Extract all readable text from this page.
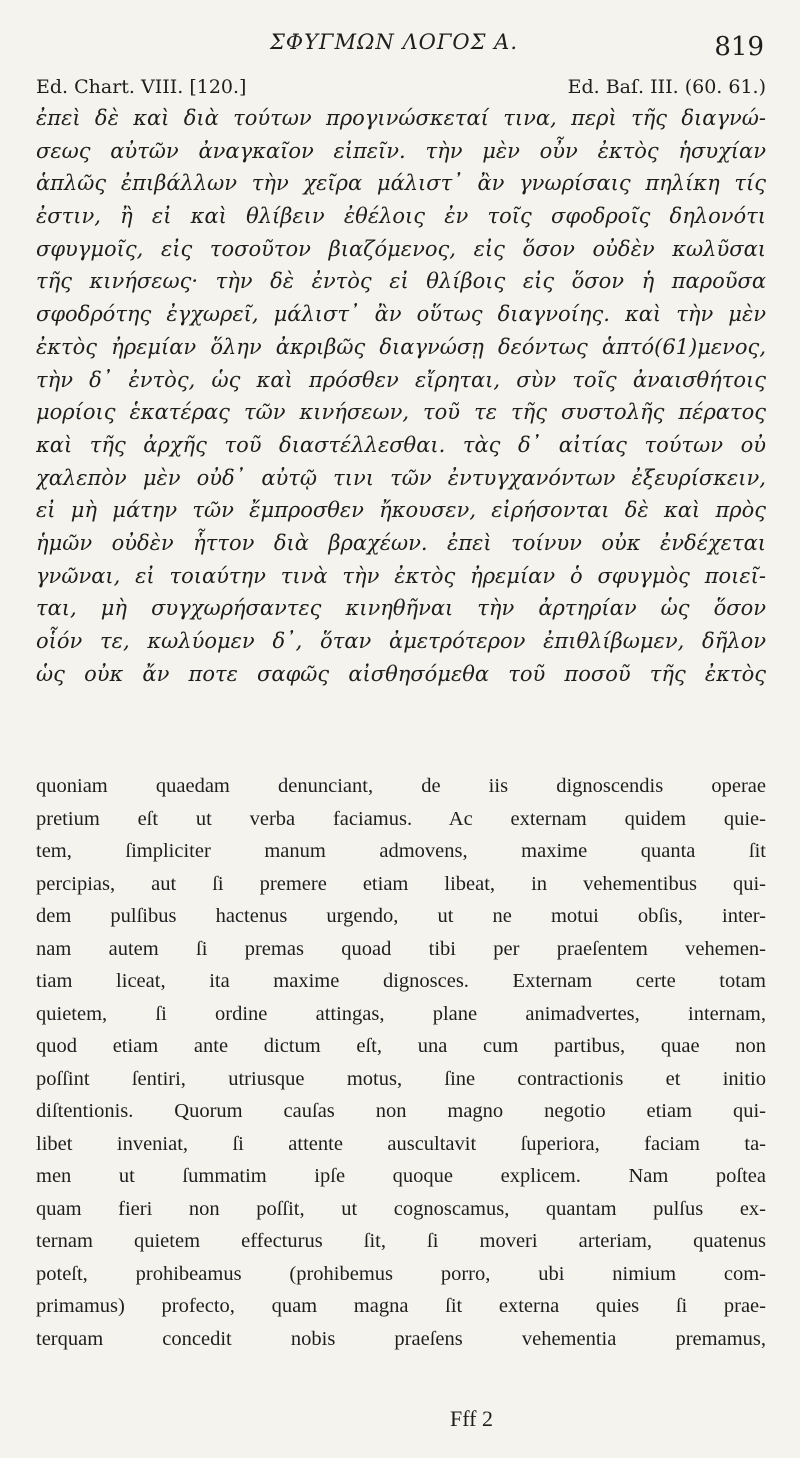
ΣΦΥΓΜΩΝ ΛΟΓΟΣ Α.	819
Ed. Chart. VIII. [120.]	Ed. Baſ. III. (60. 61.)
ἐπεὶ δὲ καὶ διὰ τούτων προγινώσκεταί τινα, περὶ τῆς διαγνώ-
σεως αὐτῶν ἀναγκαῖον εἰπεῖν. τὴν μὲν οὖν ἐκτὸς ἡσυχίαν
ἁπλῶς ἐπιβάλλων τὴν χεῖρα μάλιστ᾽ ἂν γνωρίσαις πηλίκη τίς
ἐστιν, ἢ εἰ καὶ θλίβειν ἐθέλοις ἐν τοῖς σφοδροῖς δηλονότι
σφυγμοῖς, εἰς τοσοῦτον βιαζόμενος, εἰς ὅσον οὐδὲν κωλῦσαι
τῆς κινήσεως· τὴν δὲ ἐντὸς εἰ θλίβοις εἰς ὅσον ἡ παροῦσα
σφοδρότης ἐγχωρεῖ, μάλιστ᾽ ἂν οὕτως διαγνοίης. καὶ τὴν μὲν
ἐκτὸς ἠρεμίαν ὅλην ἀκριβῶς διαγνώσῃ δεόντως ἁπτό(61)μενος,
τὴν δ᾽ ἐντὸς, ὡς καὶ πρόσθεν εἴρηται, σὺν τοῖς ἀναισθήτοις
μορίοις ἑκατέρας τῶν κινήσεων, τοῦ τε τῆς συστολῆς πέρατος
καὶ τῆς ἀρχῆς τοῦ διαστέλλεσθαι. τὰς δ᾽ αἰτίας τούτων οὐ
χαλεπὸν μὲν οὐδ᾽ αὐτῷ τινι τῶν ἐντυγχανόντων ἐξευρίσκειν,
εἰ μὴ μάτην τῶν ἔμπροσθεν ἤκουσεν, εἰρήσονται δὲ καὶ πρὸς
ἡμῶν οὐδὲν ἧττον διὰ βραχέων. ἐπεὶ τοίνυν οὐκ ἐνδέχεται
γνῶναι, εἰ τοιαύτην τινὰ τὴν ἐκτὸς ἠρεμίαν ὁ σφυγμὸς ποιεῖ-
ται, μὴ συγχωρήσαντες κινηθῆναι τὴν ἀρτηρίαν ὡς ὅσον
οἷόν τε, κωλύομεν δ᾽, ὅταν ἀμετρότερον ἐπιθλίβωμεν, δῆλον
ὡς οὐκ ἄν ποτε σαφῶς αἰσθησόμεθα τοῦ ποσοῦ τῆς ἐκτὸς
quoniam quaedam denunciant, de iis dignoscendis operae
pretium eſt ut verba faciamus. Ac externam quidem quie-
tem, ſimpliciter manum admovens, maxime quanta ſit
percipias, aut ſi premere etiam libeat, in vehementibus qui-
dem pulſibus hactenus urgendo, ut ne motui obſis, inter-
nam autem ſi premas quoad tibi per praeſentem vehemen-
tiam liceat, ita maxime dignosces. Externam certe totam
quietem, ſi ordine attingas, plane animadvertes, internam,
quod etiam ante dictum eſt, una cum partibus, quae non
poſſint ſentiri, utriusque motus, ſine contractionis et initio
diſtentionis. Quorum cauſas non magno negotio etiam qui-
libet inveniat, ſi attente auscultavit ſuperiora, faciam ta-
men ut ſummatim ipſe quoque explicem. Nam poſtea
quam fieri non poſſit, ut cognoscamus, quantam pulſus ex-
ternam quietem effecturus ſit, ſi moveri arteriam, quatenus
poteſt, prohibeamus (prohibemus porro, ubi nimium com-
primamus) profecto, quam magna ſit externa quies ſi prae-
terquam concedit nobis praeſens vehementia premamus,
Fff 2
